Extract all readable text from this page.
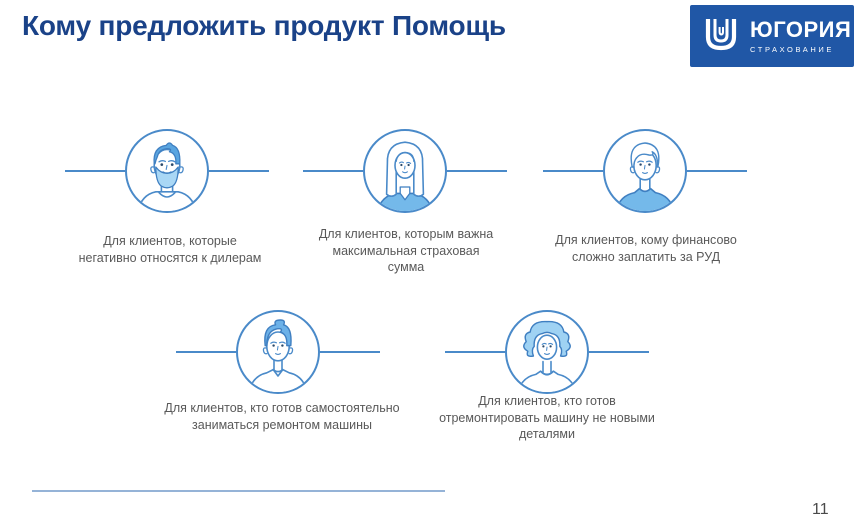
Кому предложить продукт Помощь	ЮГОРИЯ
СТРАХОВАНИЕ
Для клиентов, которые
негативно относятся к дилерам
Для клиентов, которым важна
максимальная страховая
сумма
Для клиентов, кому финансово
сложно заплатить за РУД
Для клиентов, кто готов самостоятельно
заниматься ремонтом машины
Для клиентов, кто готов
отремонтировать машину не новыми
деталями
11
